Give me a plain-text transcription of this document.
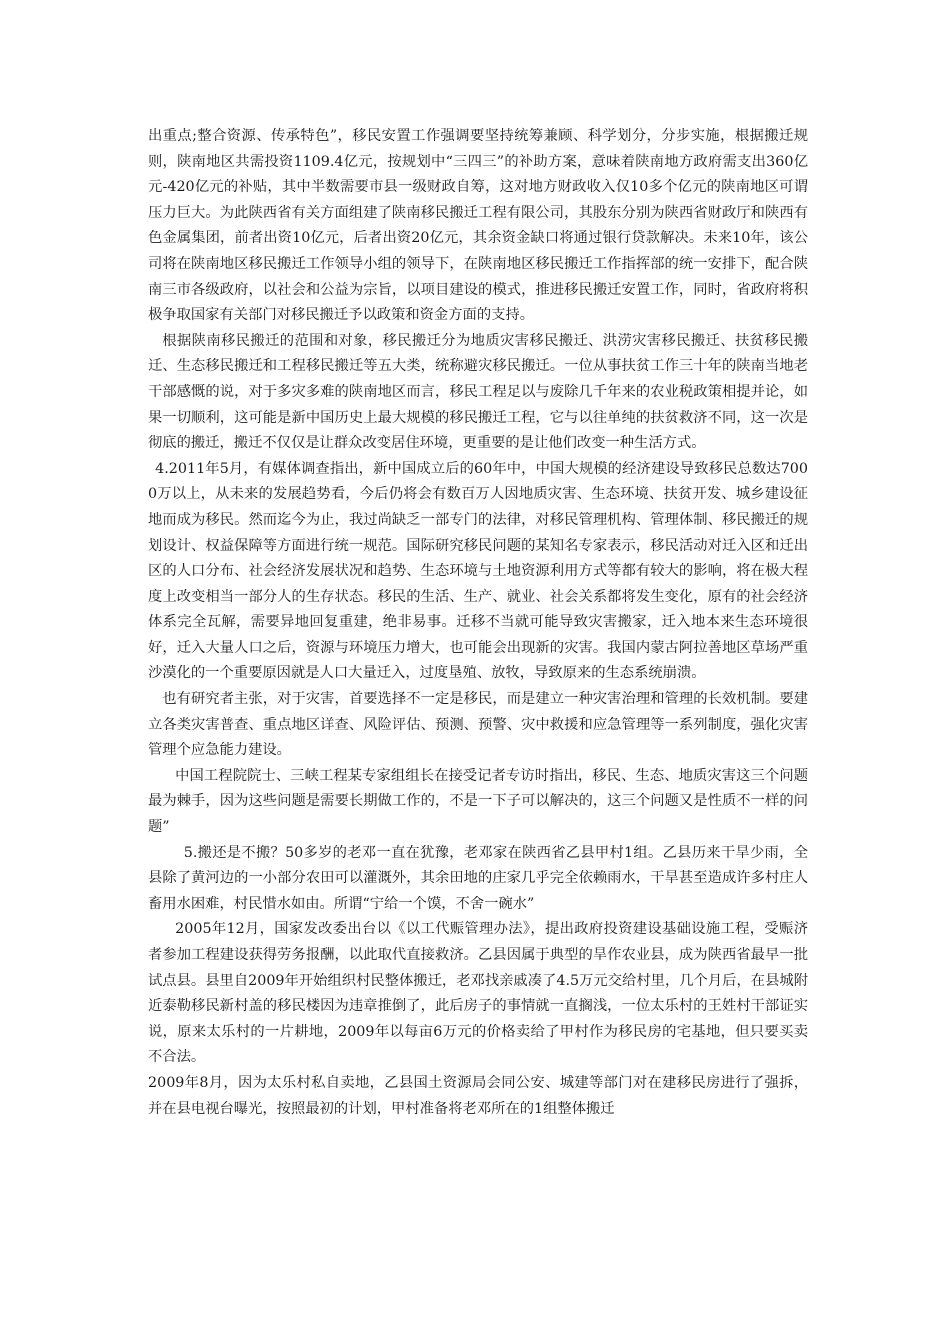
出重点;整合资源、传承特色”，移民安置工作强调要坚持统筹兼顾、科学划分，分步实施，根据搬迁规则，陕南地区共需投资1109.4亿元，按规划中“三四三”的补助方案，意味着陕南地方政府需支出360亿元-420亿元的补贴，其中半数需要市县一级财政自筹，这对地方财政收入仅10多个亿元的陕南地区可谓压力巨大。为此陕西省有关方面组建了陕南移民搬迁工程有限公司，其股东分别为陕西省财政厅和陕西有色金属集团，前者出资10亿元，后者出资20亿元，其余资金缺口将通过银行贷款解决。未来10年，该公司将在陕南地区移民搬迁工作领导小组的领导下，在陕南地区移民搬迁工作指挥部的统一安排下，配合陕南三市各级政府，以社会和公益为宗旨，以项目建设的模式，推进移民搬迁安置工作，同时，省政府将积极争取国家有关部门对移民搬迁予以政策和资金方面的支持。

根据陕南移民搬迁的范围和对象，移民搬迁分为地质灾害移民搬迁、洪涝灾害移民搬迁、扶贫移民搬迁、生态移民搬迁和工程移民搬迁等五大类，统称避灾移民搬迁。一位从事扶贫工作三十年的陕南当地老干部感慨的说，对于多灾多难的陕南地区而言，移民工程足以与废除几千年来的农业税政策相提并论，如果一切顺利，这可能是新中国历史上最大规模的移民搬迁工程，它与以往单纯的扶贫救济不同，这一次是彻底的搬迁，搬迁不仅仅是让群众改变居住环境，更重要的是让他们改变一种生活方式。

4.2011年5月，有媒体调查指出，新中国成立后的60年中，中国大规模的经济建设导致移民总数达7000万以上，从未来的发展趋势看，今后仍将会有数百万人因地质灾害、生态环境、扶贫开发、城乡建设征地而成为移民。然而迄今为止，我过尚缺乏一部专门的法律，对移民管理机构、管理体制、移民搬迁的规划设计、权益保障等方面进行统一规范。国际研究移民问题的某知名专家表示，移民活动对迁入区和迁出区的人口分布、社会经济发展状况和趋势、生态环境与土地资源利用方式等都有较大的影响，将在极大程度上改变相当一部分人的生存状态。移民的生活、生产、就业、社会关系都将发生变化，原有的社会经济体系完全瓦解，需要异地回复重建，绝非易事。迁移不当就可能导致灾害搬家，迁入地本来生态环境很好，迁入大量人口之后，资源与环境压力增大，也可能会出现新的灾害。我国内蒙古阿拉善地区草场严重沙漠化的一个重要原因就是人口大量迁入，过度垦殖、放牧，导致原来的生态系统崩溃。

也有研究者主张，对于灾害，首要选择不一定是移民，而是建立一种灾害治理和管理的长效机制。要建立各类灾害普查、重点地区详查、风险评估、预测、预警、灾中救援和应急管理等一系列制度，强化灾害管理个应急能力建设。

中国工程院院士、三峡工程某专家组组长在接受记者专访时指出，移民、生态、地质灾害这三个问题最为棘手，因为这些问题是需要长期做工作的，不是一下子可以解决的，这三个问题又是性质不一样的问题”

5.搬还是不搬？50多岁的老邓一直在犹豫，老邓家在陕西省乙县甲村1组。乙县历来干旱少雨，全县除了黄河边的一小部分农田可以灌溉外，其余田地的庄家几乎完全依赖雨水，干旱甚至造成许多村庄人畜用水困难，村民惜水如由。所谓“宁给一个馍，不舍一碗水”

2005年12月，国家发改委出台以《以工代赈管理办法》，提出政府投资建设基础设施工程，受赈济者参加工程建设获得劳务报酬，以此取代直接救济。乙县因属于典型的旱作农业县，成为陕西省最早一批试点县。县里自2009年开始组织村民整体搬迁，老邓找亲戚凑了4.5万元交给村里，几个月后，在县城附近泰勒移民新村盖的移民楼因为违章推倒了，此后房子的事情就一直搁浅，一位太乐村的王姓村干部证实说，原来太乐村的一片耕地，2009年以每亩6万元的价格卖给了甲村作为移民房的宅基地，但只要买卖不合法。

2009年8月，因为太乐村私自卖地，乙县国土资源局会同公安、城建等部门对在建移民房进行了强拆，并在县电视台曝光，按照最初的计划，甲村准备将老邓所在的1组整体搬迁
